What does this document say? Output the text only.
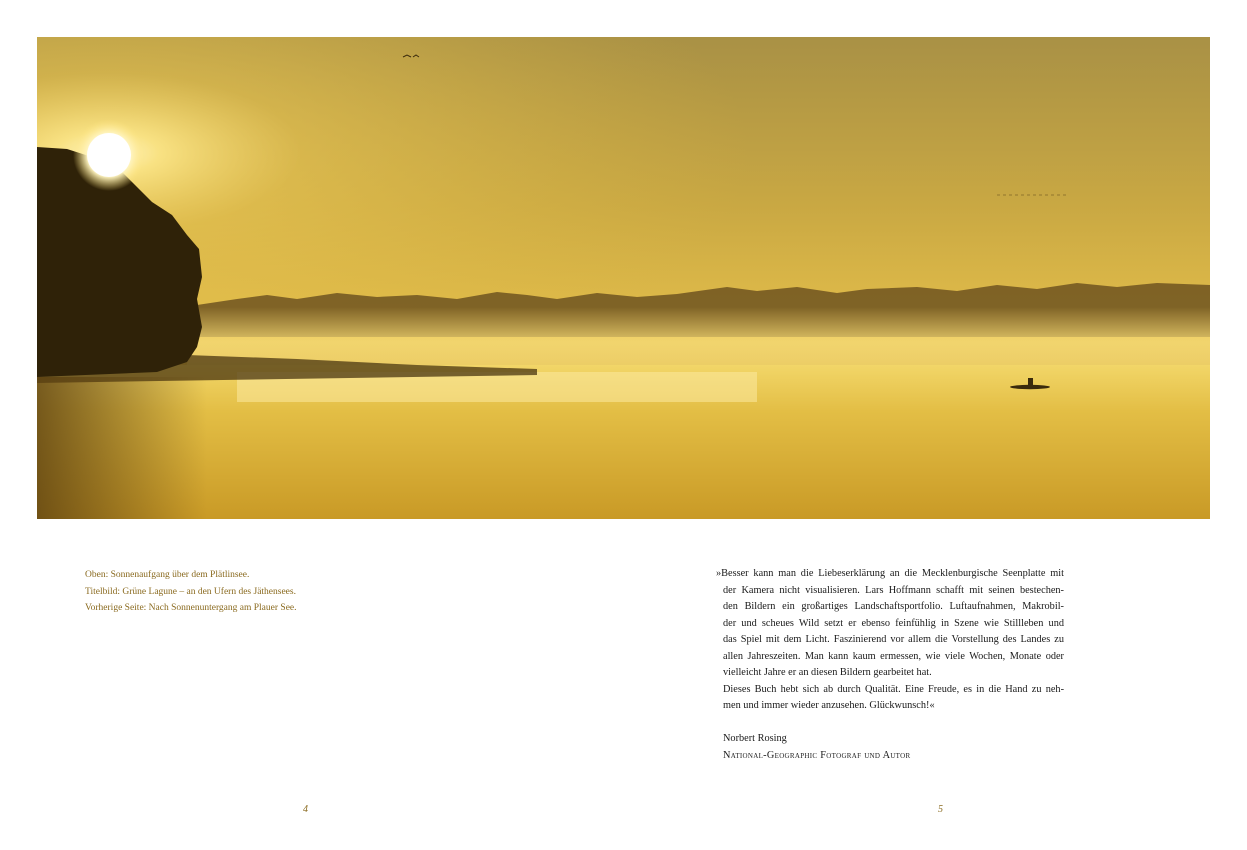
Oben: Sonnenaufgang über dem Plätlinsee.
Titelbild: Grüne Lagune – an den Ufern des Jäthensees.
Vorherige Seite: Nach Sonnenuntergang am Plauer See.
»Besser kann man die Liebeserklärung an die Mecklenburgische Seenplatte mit
der Kamera nicht visualisieren. Lars Hoffmann schafft mit seinen bestechen-
den Bildern ein großartiges Landschaftsportfolio. Luftaufnahmen, Makrobil-
der und scheues Wild setzt er ebenso feinfühlig in Szene wie Stillleben und
das Spiel mit dem Licht. Faszinierend vor allem die Vorstellung des Landes zu
allen Jahreszeiten. Man kann kaum ermessen, wie viele Wochen, Monate oder
vielleicht Jahre er an diesen Bildern gearbeitet hat.
Dieses Buch hebt sich ab durch Qualität. Eine Freude, es in die Hand zu neh-
men und immer wieder anzusehen. Glückwunsch!«
Norbert Rosing
National-Geographic Fotograf und Autor
4	5
